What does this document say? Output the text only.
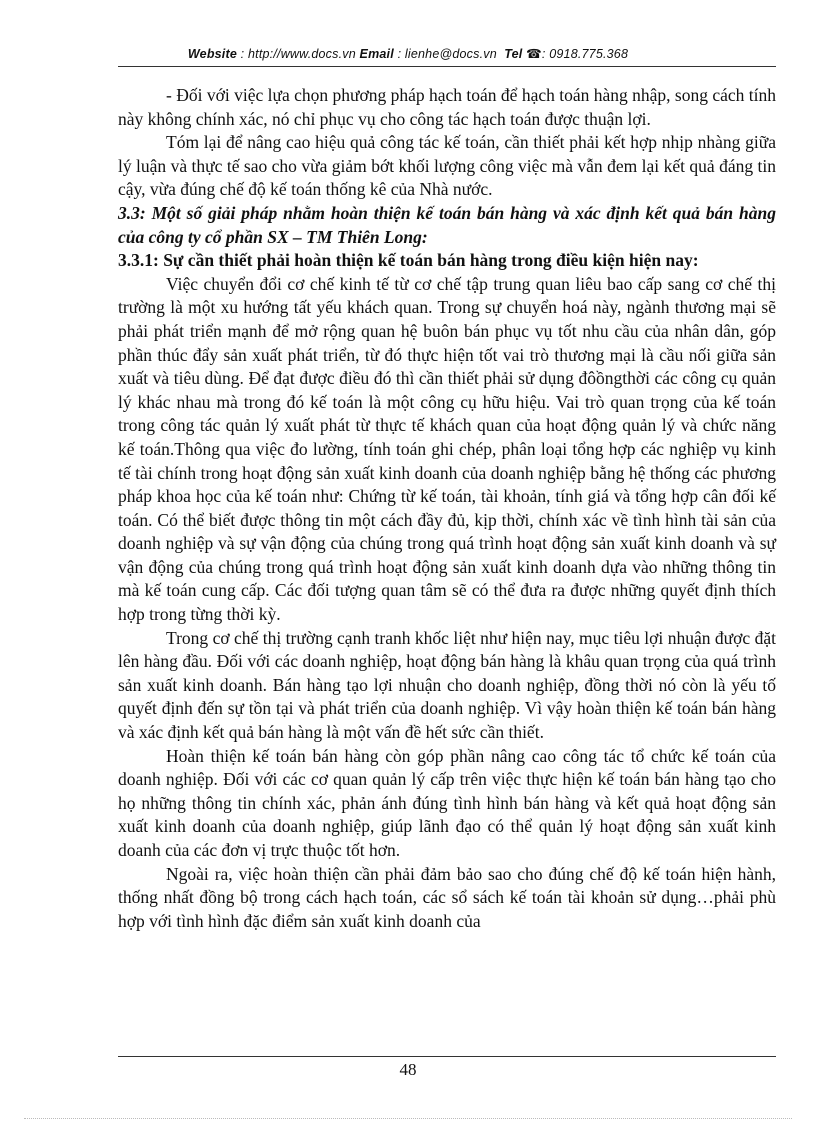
Website : http://www.docs.vn Email : lienhe@docs.vn Tel ☎: 0918.775.368

- Đối với việc lựa chọn phương pháp hạch toán để hạch toán hàng nhập, song cách tính này không chính xác, nó chỉ phục vụ cho công tác hạch toán được thuận lợi.

Tóm lại để nâng cao hiệu quả công tác kế toán, cần thiết phải kết hợp nhịp nhàng giữa lý luận và thực tế sao cho vừa giảm bớt khối lượng công việc mà vẫn đem lại kết quả đáng tin cậy, vừa đúng chế độ kế toán thống kê của Nhà nước.

3.3: Một số giải pháp nhằm hoàn thiện kế toán bán hàng và xác định kết quả bán hàng của công ty cổ phần SX – TM Thiên Long:

3.3.1: Sự cần thiết phải hoàn thiện kế toán bán hàng trong điều kiện hiện nay:

Việc chuyển đổi cơ chế kinh tế từ cơ chế tập trung quan liêu bao cấp sang cơ chế thị trường là một xu hướng tất yếu khách quan. Trong sự chuyển hoá này, ngành thương mại sẽ phải phát triển mạnh để mở rộng quan hệ buôn bán phục vụ tốt nhu cầu của nhân dân, góp phần thúc đẩy sản xuất phát triển, từ đó thực hiện tốt vai trò thương mại là cầu nối giữa sản xuất và tiêu dùng. Để đạt được điều đó thì cần thiết phải sử dụng đôồngthời các công cụ quản lý khác nhau mà trong đó kế toán là một công cụ hữu hiệu. Vai trò quan trọng của kế toán trong công tác quản lý xuất phát từ thực tế khách quan của hoạt động quản lý và chức năng kế toán.Thông qua việc đo lường, tính toán ghi chép, phân loại tổng hợp các nghiệp vụ kinh tế tài chính trong hoạt động sản xuất kinh doanh của doanh nghiệp bằng hệ thống các phương pháp khoa học của kế toán như: Chứng từ kế toán, tài khoản, tính giá và tổng hợp cân đối kế toán. Có thể biết được thông tin một cách đầy đủ, kịp thời, chính xác về tình hình tài sản của doanh nghiệp và sự vận động của chúng trong quá trình hoạt động sản xuất kinh doanh và sự vận động của chúng trong quá trình hoạt động sản xuất kinh doanh dựa vào những thông tin mà kế toán cung cấp. Các đối tượng quan tâm sẽ có thể đưa ra được những quyết định thích hợp trong từng thời kỳ.

Trong cơ chế thị trường cạnh tranh khốc liệt như hiện nay, mục tiêu lợi nhuận được đặt lên hàng đầu. Đối với các doanh nghiệp, hoạt động bán hàng là khâu quan trọng của quá trình sản xuất kinh doanh. Bán hàng tạo lợi nhuận cho doanh nghiệp, đồng thời nó còn là yếu tố quyết định đến sự tồn tại và phát triển của doanh nghiệp. Vì vậy hoàn thiện kế toán bán hàng và xác định kết quả bán hàng là một vấn đề hết sức cần thiết.

Hoàn thiện kế toán bán hàng còn góp phần nâng cao công tác tổ chức kế toán của doanh nghiệp. Đối với các cơ quan quản lý cấp trên việc thực hiện kế toán bán hàng tạo cho họ những thông tin chính xác, phản ánh đúng tình hình bán hàng và kết quả hoạt động sản xuất kinh doanh của doanh nghiệp, giúp lãnh đạo có thể quản lý hoạt động sản xuất kinh doanh của các đơn vị trực thuộc tốt hơn.

Ngoài ra, việc hoàn thiện cần phải đảm bảo sao cho đúng chế độ kế toán hiện hành, thống nhất đồng bộ trong cách hạch toán, các sổ sách kế toán tài khoản sử dụng…phải phù hợp với tình hình đặc điểm sản xuất kinh doanh của

48
